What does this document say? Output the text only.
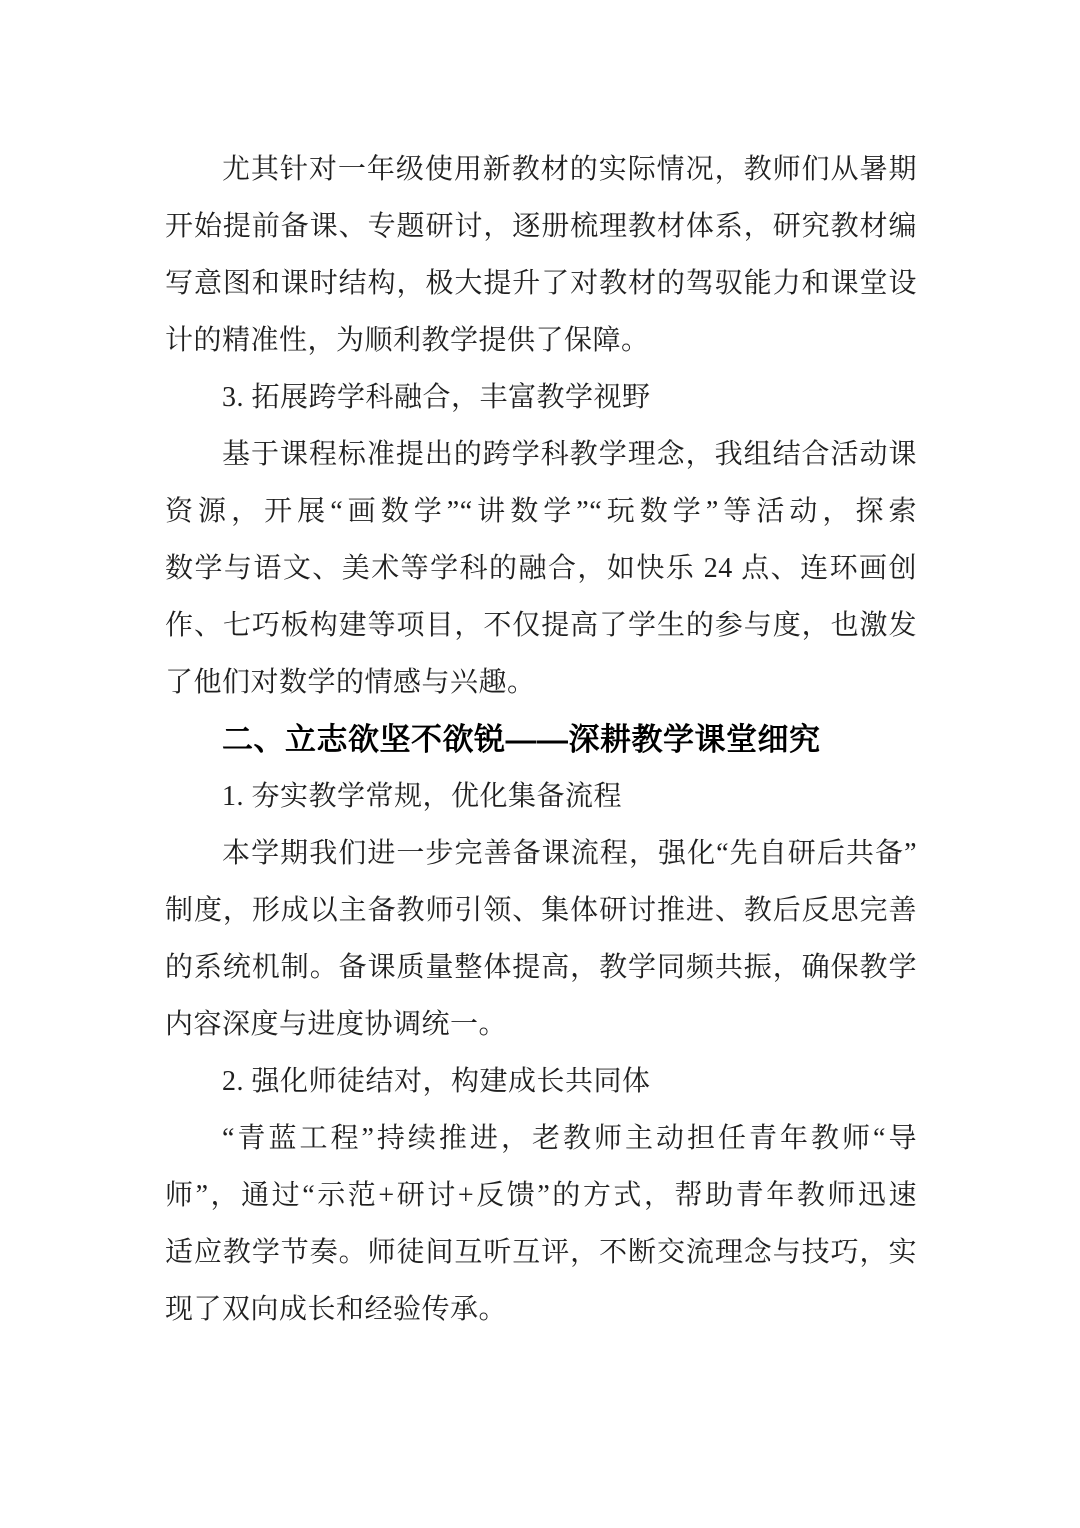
尤其针对一年级使用新教材的实际情况，教师们从暑期
开始提前备课、专题研讨，逐册梳理教材体系，研究教材编
写意图和课时结构，极大提升了对教材的驾驭能力和课堂设
计的精准性，为顺利教学提供了保障。
3. 拓展跨学科融合，丰富教学视野
基于课程标准提出的跨学科教学理念，我组结合活动课
资源，开展“画数学”“讲数学”“玩数学”等活动，探索
数学与语文、美术等学科的融合，如快乐 24 点、连环画创
作、七巧板构建等项目，不仅提高了学生的参与度，也激发
了他们对数学的情感与兴趣。
二、立志欲坚不欲锐——深耕教学课堂细究
1. 夯实教学常规，优化集备流程
本学期我们进一步完善备课流程，强化“先自研后共备”
制度，形成以主备教师引领、集体研讨推进、教后反思完善
的系统机制。备课质量整体提高，教学同频共振，确保教学
内容深度与进度协调统一。
2. 强化师徒结对，构建成长共同体
“青蓝工程”持续推进，老教师主动担任青年教师“导
师”，通过“示范+研讨+反馈”的方式，帮助青年教师迅速
适应教学节奏。师徒间互听互评，不断交流理念与技巧，实
现了双向成长和经验传承。
